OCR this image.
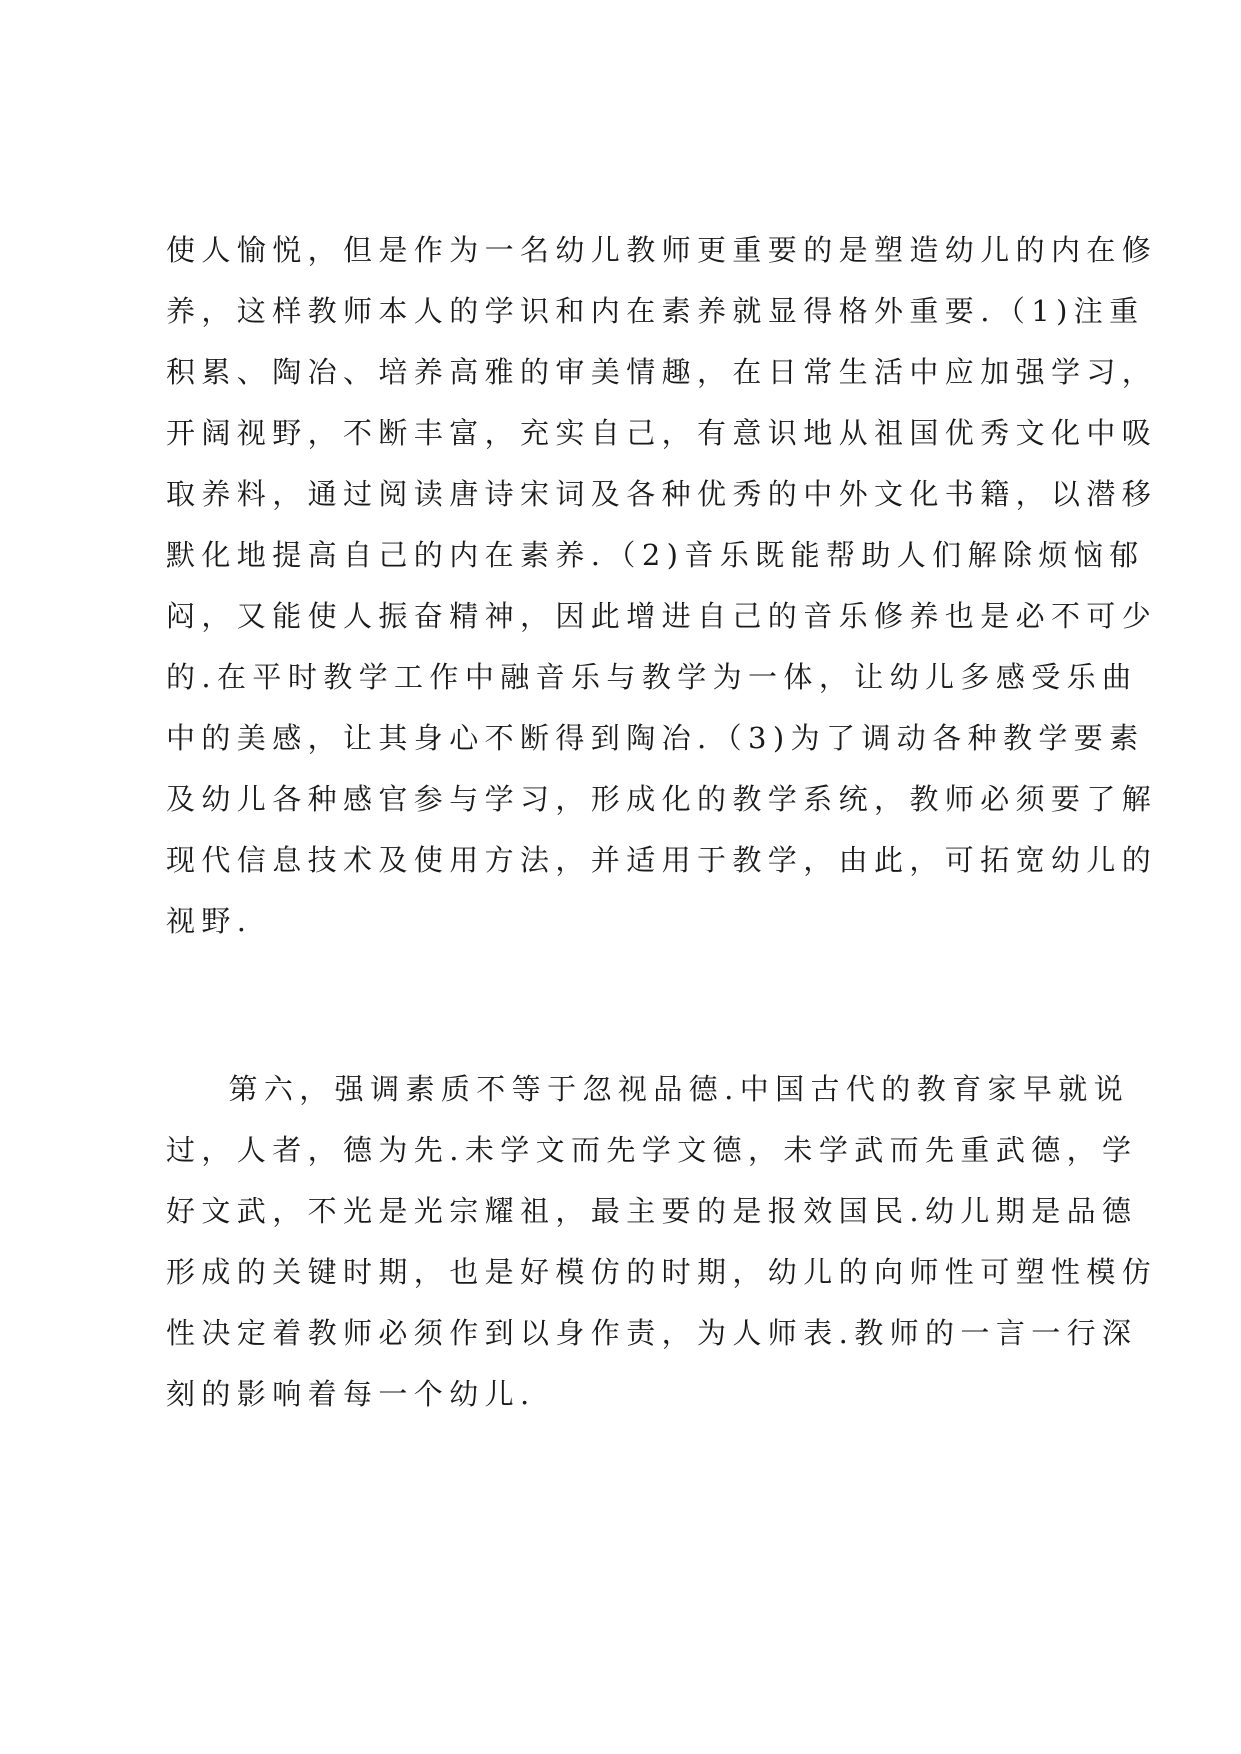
使人愉悦，但是作为一名幼儿教师更重要的是塑造幼儿的内在修
养，这样教师本人的学识和内在素养就显得格外重要.（1)注重
积累、陶冶、培养高雅的审美情趣，在日常生活中应加强学习，
开阔视野，不断丰富，充实自己，有意识地从祖国优秀文化中吸
取养料，通过阅读唐诗宋词及各种优秀的中外文化书籍，以潜移
默化地提高自己的内在素养.（2)音乐既能帮助人们解除烦恼郁
闷，又能使人振奋精神，因此增进自己的音乐修养也是必不可少
的.在平时教学工作中融音乐与教学为一体，让幼儿多感受乐曲
中的美感，让其身心不断得到陶冶.（3)为了调动各种教学要素
及幼儿各种感官参与学习，形成化的教学系统，教师必须要了解
现代信息技术及使用方法，并适用于教学，由此，可拓宽幼儿的
视野.
第六，强调素质不等于忽视品德.中国古代的教育家早就说
过，人者，德为先.未学文而先学文德，未学武而先重武德，学
好文武，不光是光宗耀祖，最主要的是报效国民.幼儿期是品德
形成的关键时期，也是好模仿的时期，幼儿的向师性可塑性模仿
性决定着教师必须作到以身作责，为人师表.教师的一言一行深
刻的影响着每一个幼儿.
